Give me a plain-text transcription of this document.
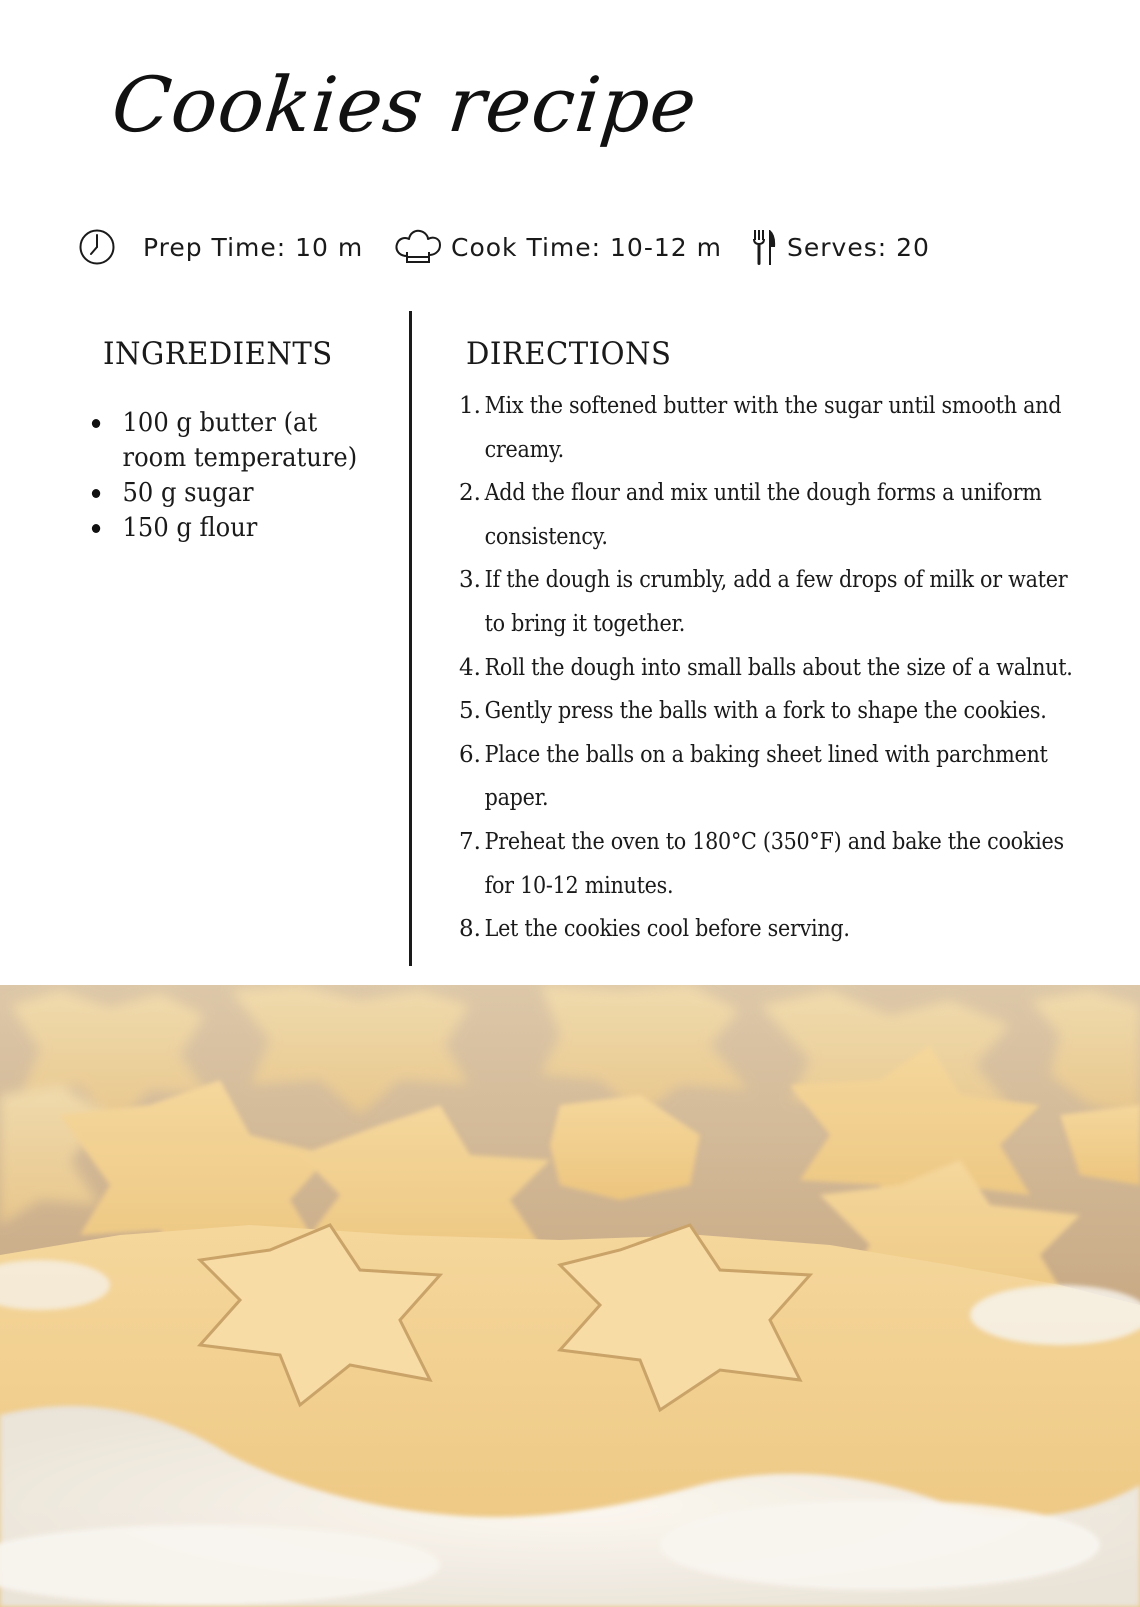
Cookies recipe
Prep Time: 10 m	Cook Time: 10-12 m	Serves: 20
INGREDIENTS
100 g butter (at room temperature)
50 g sugar
150 g flour
DIRECTIONS
1. Mix the softened butter with the sugar until smooth and
creamy.
2. Add the flour and mix until the dough forms a uniform
consistency.
3. If the dough is crumbly, add a few drops of milk or water
to bring it together.
4. Roll the dough into small balls about the size of a walnut.
5. Gently press the balls with a fork to shape the cookies.
6. Place the balls on a baking sheet lined with parchment
paper.
7. Preheat the oven to 180°C (350°F) and bake the cookies
for 10-12 minutes.
8. Let the cookies cool before serving.
